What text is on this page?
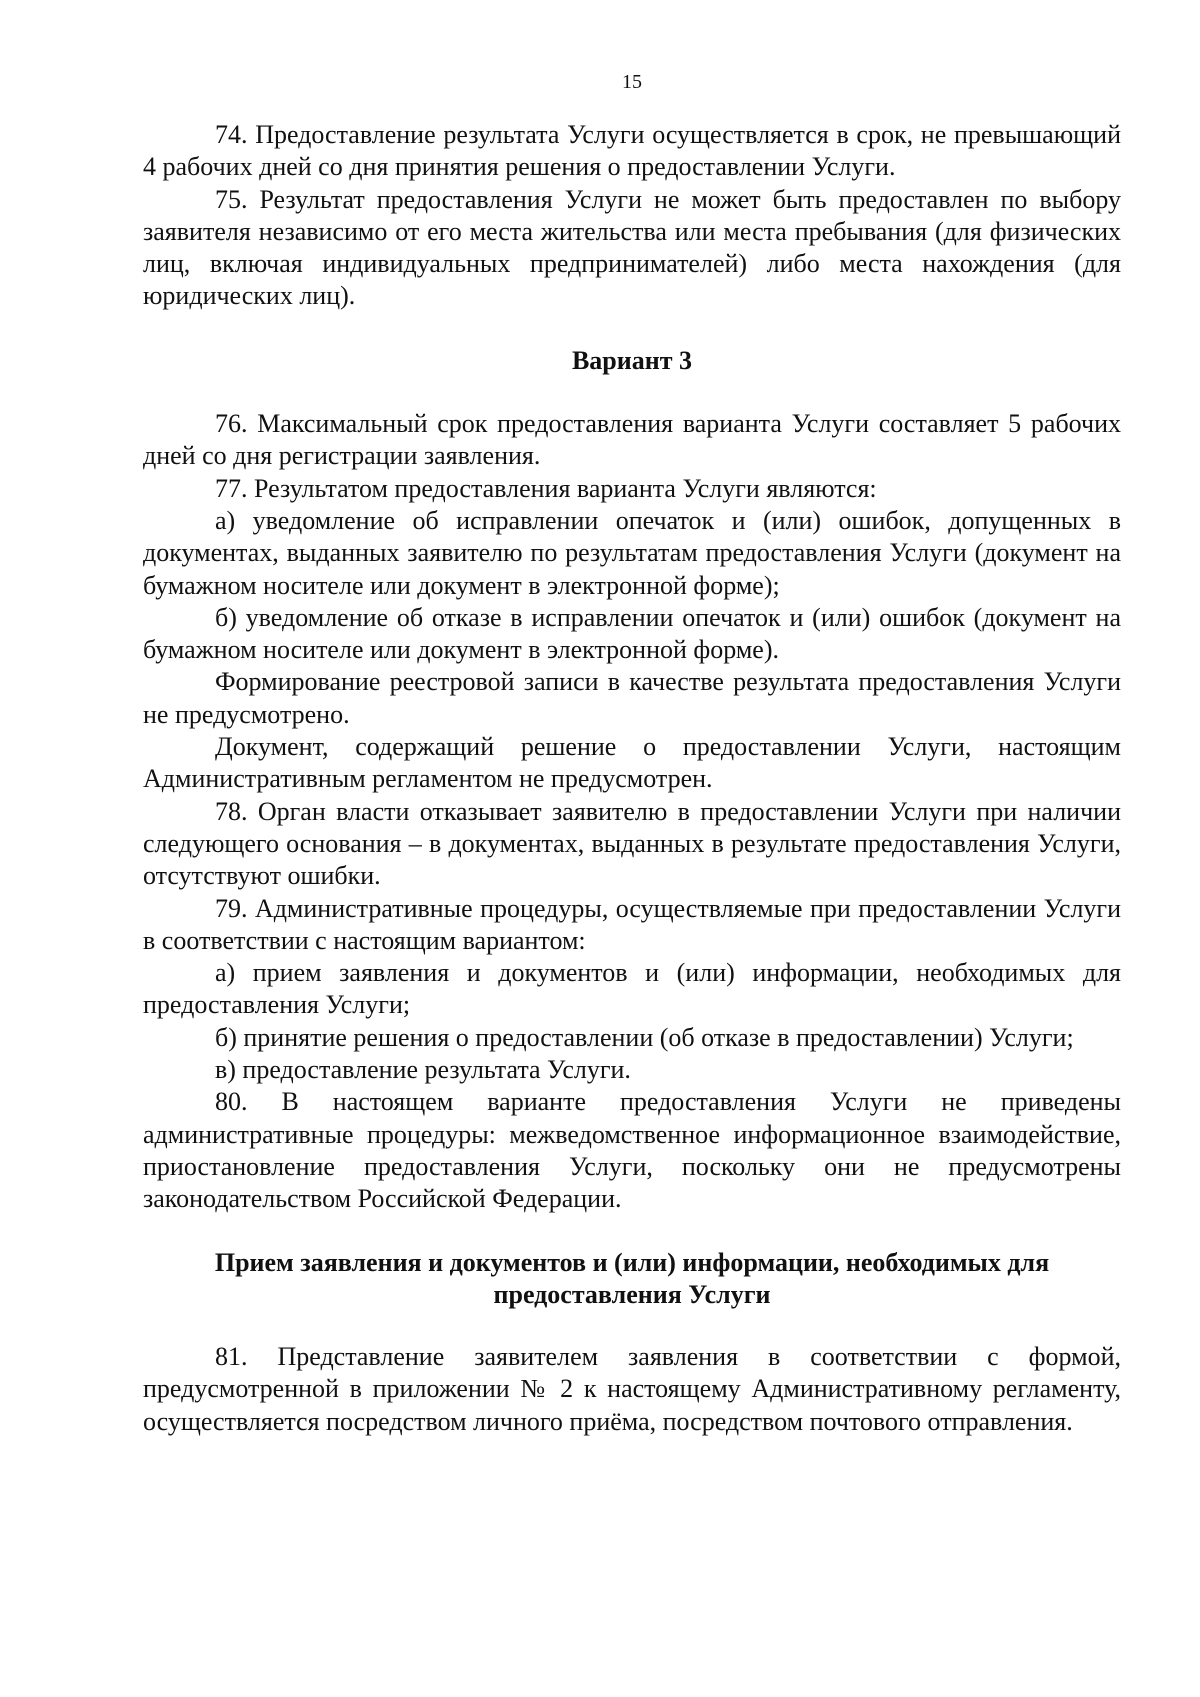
15

74. Предоставление результата Услуги осуществляется в срок, не превышающий 4 рабочих дней со дня принятия решения о предоставлении Услуги.

75. Результат предоставления Услуги не может быть предоставлен по выбору заявителя независимо от его места жительства или места пребывания (для физических лиц, включая индивидуальных предпринимателей) либо места нахождения (для юридических лиц).

Вариант 3

76. Максимальный срок предоставления варианта Услуги составляет 5 рабочих дней со дня регистрации заявления.

77. Результатом предоставления варианта Услуги являются:

а) уведомление об исправлении опечаток и (или) ошибок, допущенных в документах, выданных заявителю по результатам предоставления Услуги (документ на бумажном носителе или документ в электронной форме);

б) уведомление об отказе в исправлении опечаток и (или) ошибок (документ на бумажном носителе или документ в электронной форме).

Формирование реестровой записи в качестве результата предоставления Услуги не предусмотрено.

Документ, содержащий решение о предоставлении Услуги, настоящим Административным регламентом не предусмотрен.

78. Орган власти отказывает заявителю в предоставлении Услуги при наличии следующего основания – в документах, выданных в результате предоставления Услуги, отсутствуют ошибки.

79. Административные процедуры, осуществляемые при предоставлении Услуги в соответствии с настоящим вариантом:

а) прием заявления и документов и (или) информации, необходимых для предоставления Услуги;

б) принятие решения о предоставлении (об отказе в предоставлении) Услуги;

в) предоставление результата Услуги.

80. В настоящем варианте предоставления Услуги не приведены административные процедуры: межведомственное информационное взаимодействие, приостановление предоставления Услуги, поскольку они не предусмотрены законодательством Российской Федерации.

Прием заявления и документов и (или) информации, необходимых для предоставления Услуги

81. Представление заявителем заявления в соответствии с формой, предусмотренной в приложении № 2 к настоящему Административному регламенту, осуществляется посредством личного приёма, посредством почтового отправления.
